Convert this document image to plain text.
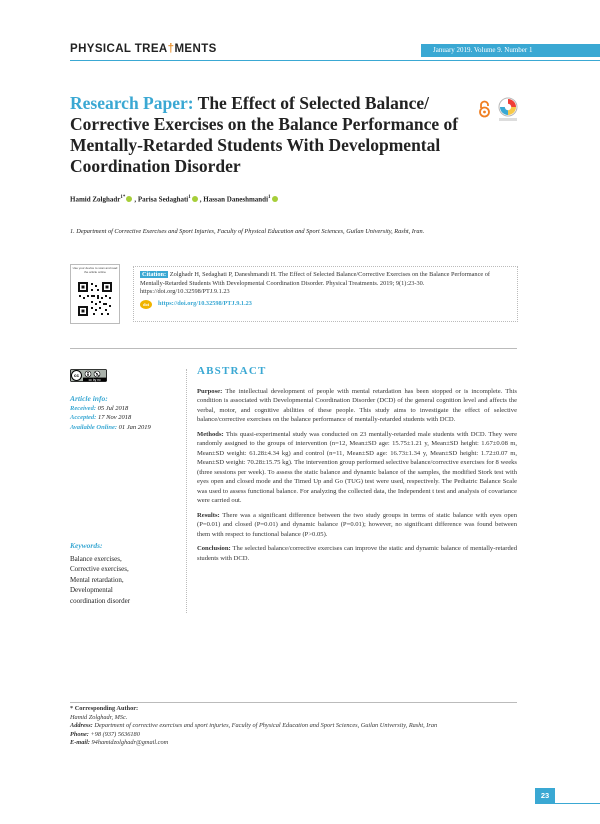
PHYSICAL TREA†MENTS	January 2019. Volume 9. Number 1
Research Paper: The Effect of Selected Balance/ Corrective Exercises on the Balance Performance of Mentally-Retarded Students With Developmental Coordination Disorder
Hamid Zolghadr$^{1*}$ , Parisa Sedaghati$^1$ , Hassan Daneshmandi$^1$
1. Department of Corrective Exercises and Sport Injuries, Faculty of Physical Education and Sport Sciences, Guilan University, Rasht, Iran.
Use your device to scan and read the article online	Citation: Zolghadr H, Sedaghati P, Daneshmandi H. The Effect of Selected Balance/Corrective Exercises on the Balance Performance of Mentally-Retarded Students With Developmental Coordination Disorder. Physical Treatments. 2019; 9(1):23-30. https://doi.org/10.32598/PTJ.9.1.23
doi	https://doi.org/10.32598/PTJ.9.1.23
cc
cc by nc
Article info:
Received: 05 Jul 2018
Accepted: 17 Nov 2018
Available Online: 01 Jan 2019
Keywords:
Balance exercises,
Corrective exercises,
Mental retardation,
Developmental
coordination disorder
ABSTRACT

Purpose: The intellectual development of people with mental retardation has been stopped or is incomplete. This condition is associated with Developmental Coordination Disorder (DCD) of the general cognition level and affects the verbal, motor, and cognitive abilities of these people. This study aims to investigate the effect of selective balance/corrective exercises on the balance performance of mentally-retarded students with DCD.

Methods: This quasi-experimental study was conducted on 23 mentally-retarded male students with DCD. They were randomly assigned to the groups of intervention (n=12, Mean±SD age: 15.75±1.21 y, Mean±SD height: 1.67±0.08 m, Mean±SD weight: 61.28±4.34 kg) and control (n=11, Mean±SD age: 16.73±1.34 y, Mean±SD height: 1.72±0.07 m, Mean±SD weight: 70.28±15.75 kg). The intervention group performed selective balance/corrective exercises for 8 weeks (three sessions per week). To assess the static balance and dynamic balance of the samples, the modified Stork test with eyes open and closed mode and the Timed Up and Go (TUG) test were used, respectively. The Pediatric Balance Scale was used to assess functional balance. For analyzing the collected data, the Independent t test and analysis of covariance were carried out.

Results: There was a significant difference between the two study groups in terms of static balance with eyes open (P=0.01) and closed (P=0.01) and dynamic balance (P=0.01); however, no significant difference was found between them with respect to functional balance (P>0.05).

Conclusion: The selected balance/corrective exercises can improve the static and dynamic balance of mentally-retarded students with DCD.

* Corresponding Author:
Hamid Zolghadr, MSc.
Address: Department of corrective exercises and sport injuries, Faculty of Physical Education and Sport Sciences, Guilan University, Rasht, Iran
Phone: +98 (937) 5636180
E-mail: 94hamidzolghadr@gmail.com
23
